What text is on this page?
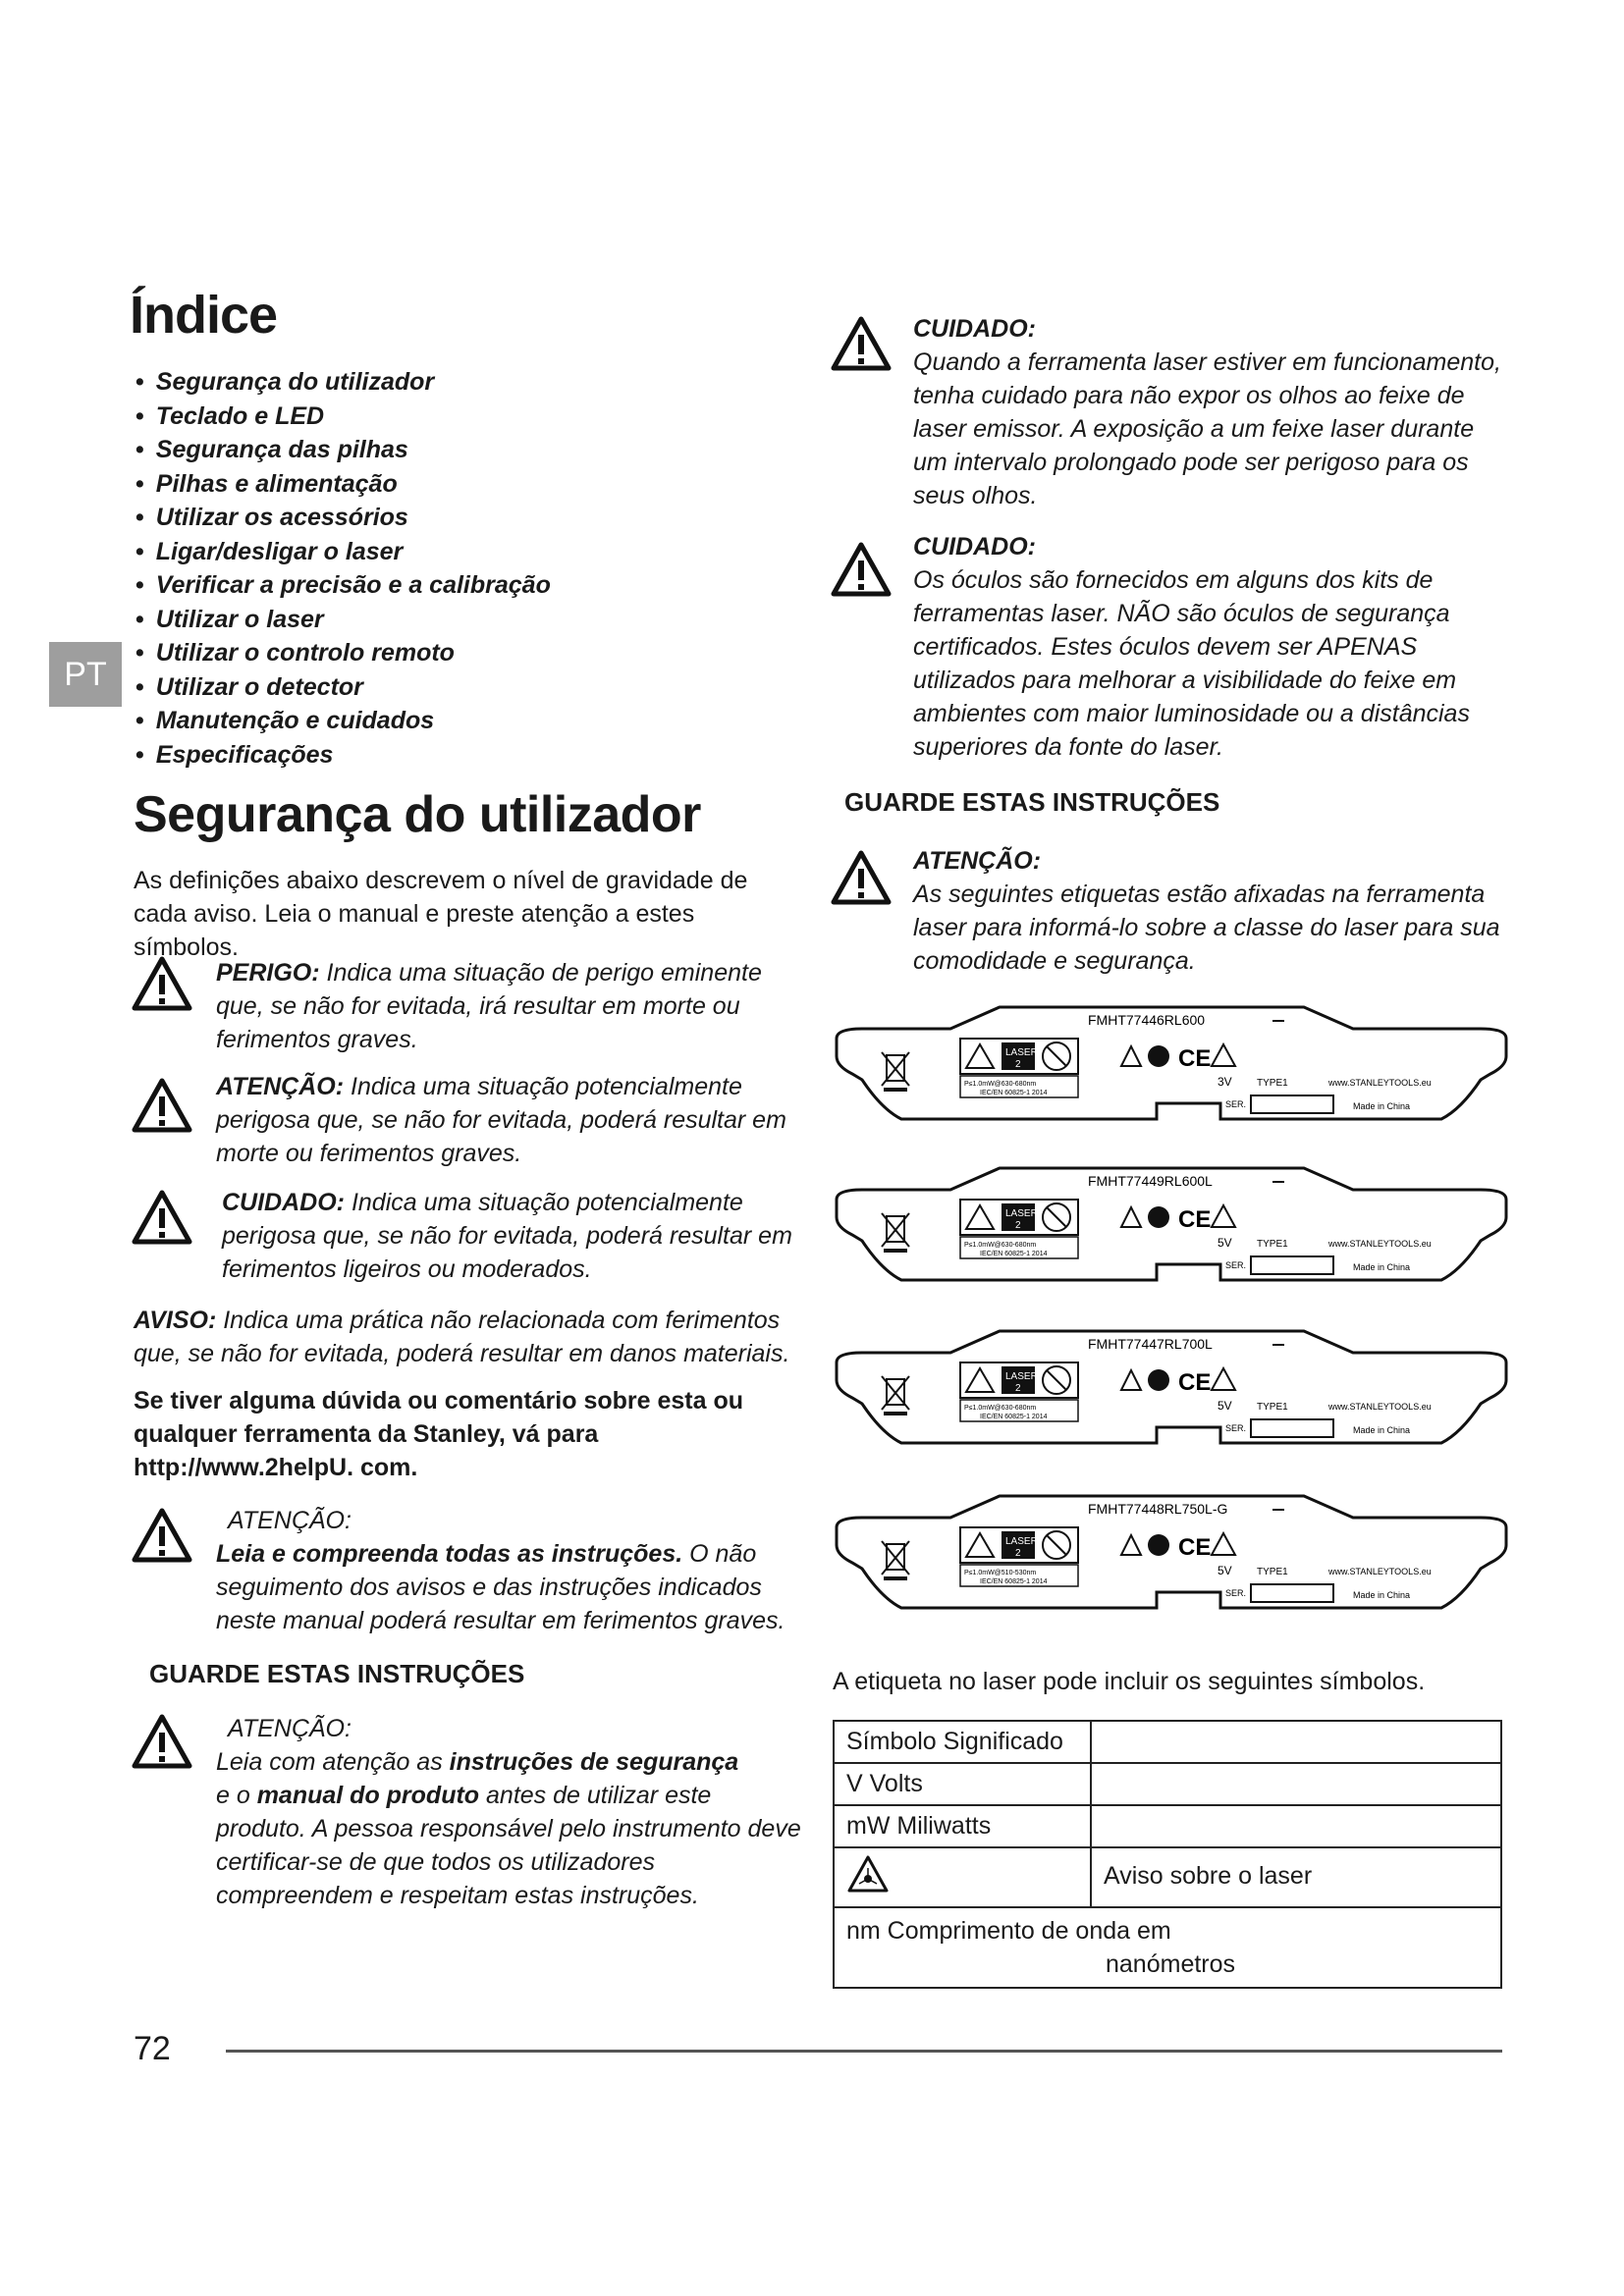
Índice
• Segurança do utilizador
• Teclado e LED
• Segurança das pilhas
• Pilhas e alimentação
• Utilizar os acessórios
• Ligar/desligar o laser
• Verificar a precisão e a calibração
• Utilizar o laser
• Utilizar o controlo remoto
• Utilizar o detector
• Manutenção e cuidados
• Especificações
PT
Segurança do utilizador
As definições abaixo descrevem o nível de gravidade de cada aviso. Leia o manual e preste atenção a estes símbolos.
PERIGO: Indica uma situação de perigo eminente que, se não for evitada, irá resultar em morte ou ferimentos graves.
ATENÇÃO: Indica uma situação potencialmente perigosa que, se não for evitada, poderá resultar em morte ou ferimentos graves.
CUIDADO: Indica uma situação potencialmente perigosa que, se não for evitada, poderá resultar em ferimentos ligeiros ou moderados.
AVISO: Indica uma prática não relacionada com ferimentos que, se não for evitada, poderá resultar em danos materiais.
Se tiver alguma dúvida ou comentário sobre esta ou qualquer ferramenta da Stanley, vá para http://www.2helpU. com.
ATENÇÃO:
Leia e compreenda todas as instruções. O não seguimento dos avisos e das instruções indicados neste manual poderá resultar em ferimentos graves.
GUARDE ESTAS INSTRUÇÕES
ATENÇÃO:
Leia com atenção as instruções de segurança
e o manual do produto antes de utilizar este produto. A pessoa responsável pelo instrumento deve certificar-se de que todos os utilizadores compreendem e respeitam estas instruções.
CUIDADO:
Quando a ferramenta laser estiver em funcionamento, tenha cuidado para não expor os olhos ao feixe de laser emissor. A exposição a um feixe laser durante um intervalo prolongado pode ser perigoso para os seus olhos.
CUIDADO:
Os óculos são fornecidos em alguns dos kits de ferramentas laser. NÃO são óculos de segurança certificados. Estes óculos devem ser APENAS utilizados para melhorar a visibilidade do feixe em ambientes com maior luminosidade ou a distâncias superiores da fonte do laser.
GUARDE ESTAS INSTRUÇÕES
ATENÇÃO:
As seguintes etiquetas estão afixadas na ferramenta laser para informá-lo sobre a classe do laser para sua comodidade e segurança.
FMHT77446RL600
LASER
2
P≤1.0mW@630-680nm
IEC/EN 60825-1 2014
CE
3V	TYPE1	www.STANLEYTOOLS.eu
SER.	Made in China
FMHT77449RL600L
LASER
2
P≤1.0mW@630-680nm
IEC/EN 60825-1 2014
CE
5V	TYPE1	www.STANLEYTOOLS.eu
SER.	Made in China
FMHT77447RL700L
LASER
2
P≤1.0mW@630-680nm
IEC/EN 60825-1 2014
CE
5V	TYPE1	www.STANLEYTOOLS.eu
SER.	Made in China
FMHT77448RL750L-G
LASER
2
P≤1.0mW@510-530nm
IEC/EN 60825-1 2014
CE
5V	TYPE1	www.STANLEYTOOLS.eu
SER.	Made in China
A etiqueta no laser pode incluir os seguintes símbolos.
Símbolo Significado	
V Volts	
mW Miliwatts	
	Aviso sobre o laser
nm Comprimento de onda em
nanómetros	
72
